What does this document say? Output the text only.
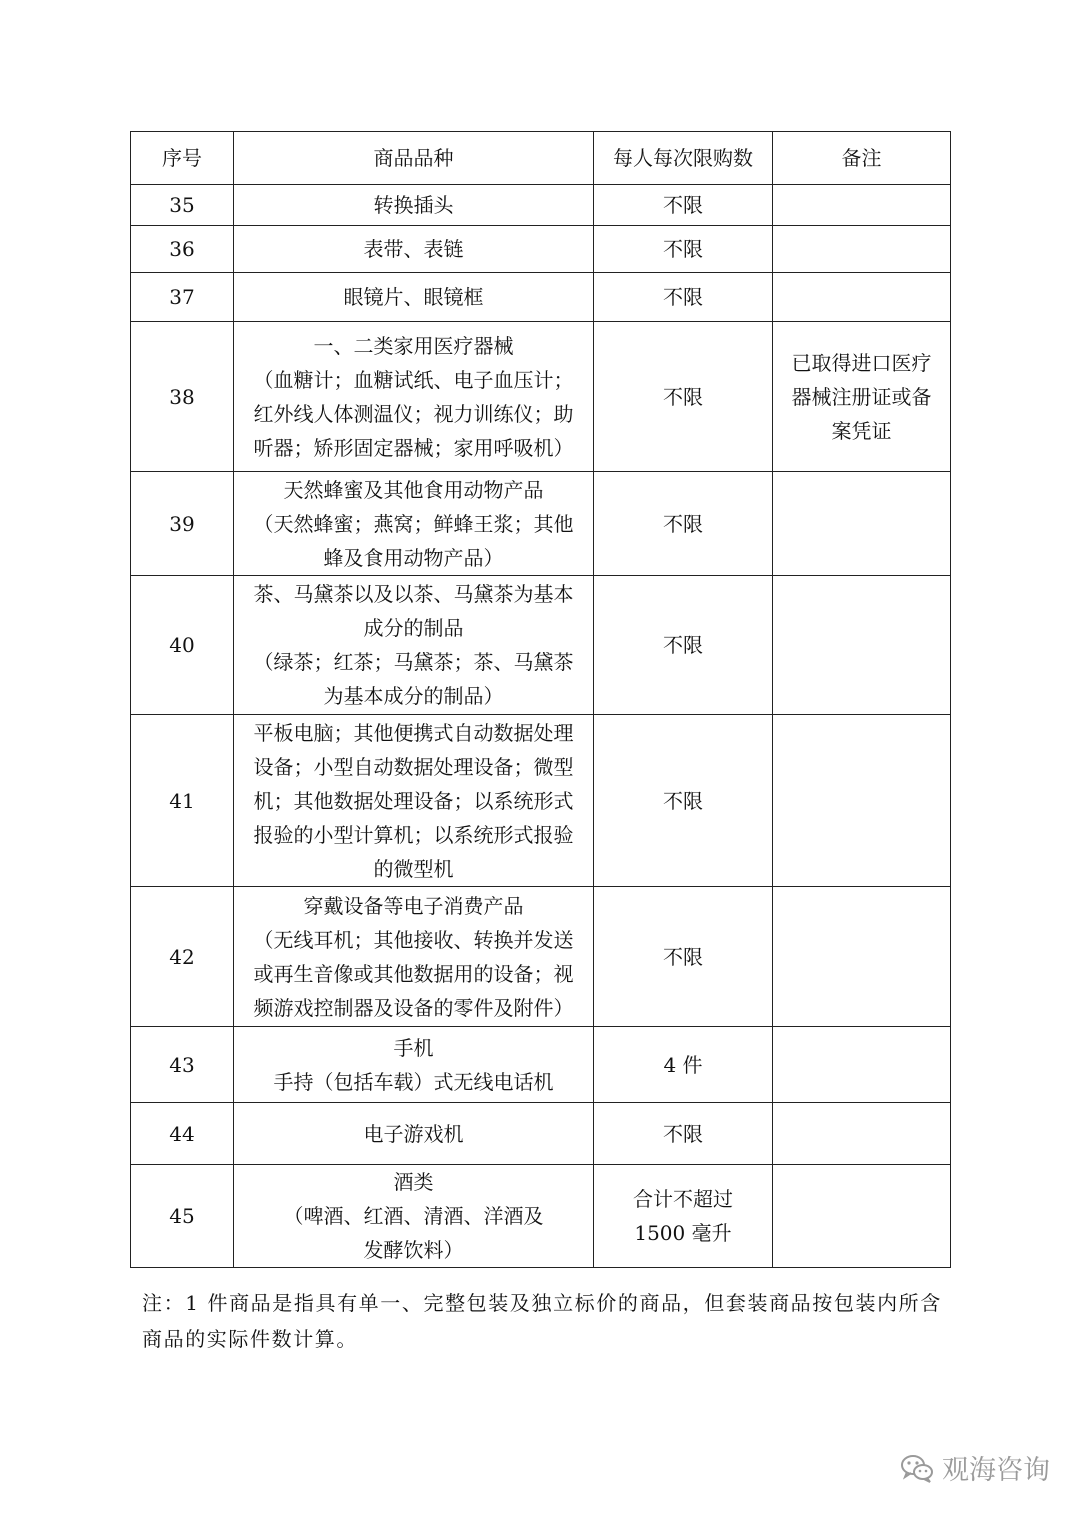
序号	商品品种	每人每次限购数	备注
35	转换插头	不限	

36	表带、表链	不限	

37	眼镜片、眼镜框	不限	

38	一、二类家用医疗器械
（血糖计；血糖试纸、电子血压计；
红外线人体测温仪；视力训练仪；助
听器；矫形固定器械；家用呼吸机）	不限	已取得进口医疗
器械注册证或备
案凭证

39	天然蜂蜜及其他食用动物产品
（天然蜂蜜；燕窝；鲜蜂王浆；其他
蜂及食用动物产品）	不限	

40	茶、马黛茶以及以茶、马黛茶为基本
成分的制品
（绿茶；红茶；马黛茶；茶、马黛茶
为基本成分的制品）	不限	

41	平板电脑；其他便携式自动数据处理
设备；小型自动数据处理设备；微型
机；其他数据处理设备；以系统形式
报验的小型计算机；以系统形式报验
的微型机	不限	

42	穿戴设备等电子消费产品
（无线耳机；其他接收、转换并发送
或再生音像或其他数据用的设备；视
频游戏控制器及设备的零件及附件）	不限	

43	手机
手持（包括车载）式无线电话机	4 件	

44	电子游戏机	不限	

45	酒类
（啤酒、红酒、清酒、洋酒及
发酵饮料）	合计不超过
1500 毫升	

注：1 件商品是指具有单一、完整包装及独立标价的商品，但套装商品按包装内所含
商品的实际件数计算。
观海咨询
